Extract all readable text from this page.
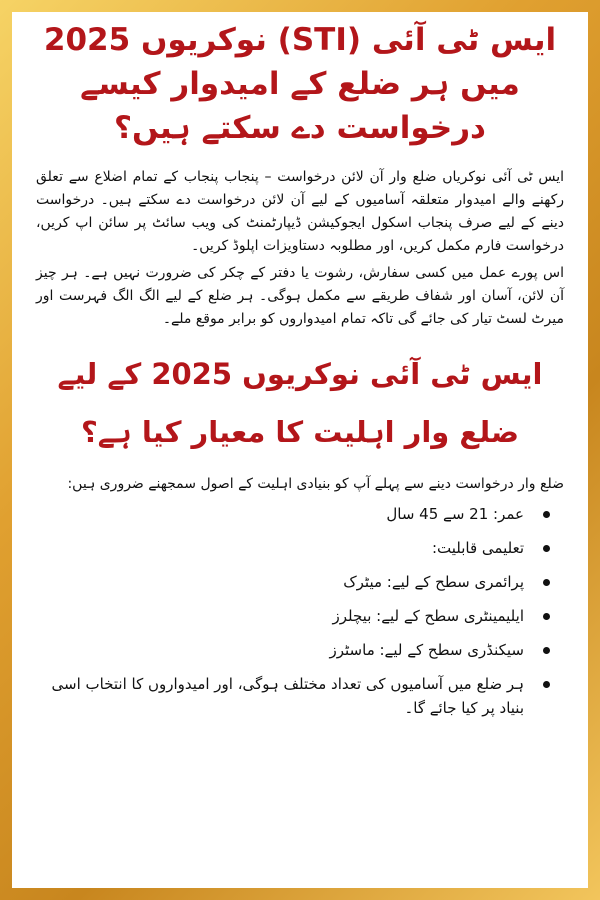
ایس ٹی آئی (STI) نوکریوں 2025 میں ہر ضلع کے امیدوار کیسے درخواست دے سکتے ہیں؟

ایس ٹی آئی نوکریاں ضلع وار آن لائن درخواست – پنجاب پنجاب کے تمام اضلاع سے تعلق رکھنے والے امیدوار متعلقہ آسامیوں کے لیے آن لائن درخواست دے سکتے ہیں۔ درخواست دینے کے لیے صرف پنجاب اسکول ایجوکیشن ڈیپارٹمنٹ کی ویب سائٹ پر سائن اپ کریں، درخواست فارم مکمل کریں، اور مطلوبہ دستاویزات اپلوڈ کریں۔

اس پورے عمل میں کسی سفارش، رشوت یا دفتر کے چکر کی ضرورت نہیں ہے۔ ہر چیز آن لائن، آسان اور شفاف طریقے سے مکمل ہوگی۔ ہر ضلع کے لیے الگ الگ فہرست اور میرٹ لسٹ تیار کی جائے گی تاکہ تمام امیدواروں کو برابر موقع ملے۔

ایس ٹی آئی نوکریوں 2025 کے لیے ضلع وار اہلیت کا معیار کیا ہے؟

ضلع وار درخواست دینے سے پہلے آپ کو بنیادی اہلیت کے اصول سمجھنے ضروری ہیں:

عمر: 21 سے 45 سال
تعلیمی قابلیت:
پرائمری سطح کے لیے: میٹرک
ایلیمینٹری سطح کے لیے: بیچلرز
سیکنڈری سطح کے لیے: ماسٹرز
ہر ضلع میں آسامیوں کی تعداد مختلف ہوگی، اور امیدواروں کا انتخاب اسی بنیاد پر کیا جائے گا۔
